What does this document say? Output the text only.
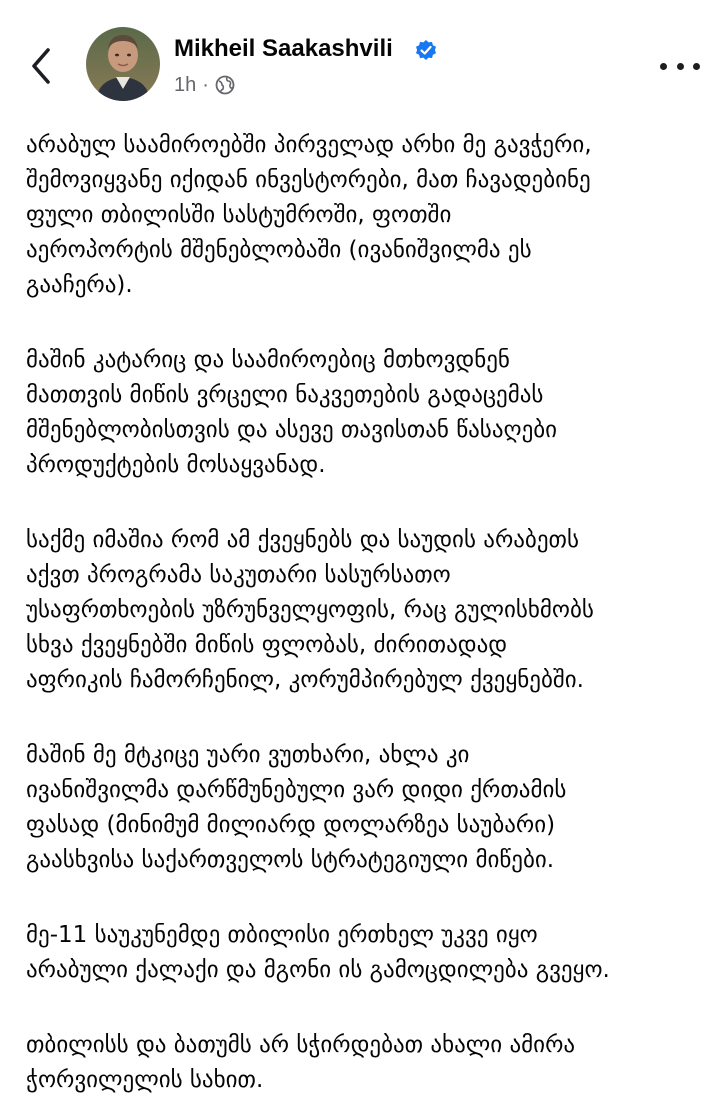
Mikheil Saakashvili
1h ·

არაბულ საამიროებში პირველად არხი მე გავჭერი,
შემოვიყვანე იქიდან ინვესტორები, მათ ჩავადებინე
ფული თბილისში სასტუმროში, ფოთში
აეროპორტის მშენებლობაში (ივანიშვილმა ეს
გააჩერა).

მაშინ კატარიც და საამიროებიც მთხოვდნენ
მათთვის მიწის ვრცელი ნაკვეთების გადაცემას
მშენებლობისთვის და ასევე თავისთან წასაღები
პროდუქტების მოსაყვანად.

საქმე იმაშია რომ ამ ქვეყნებს და საუდის არაბეთს
აქვთ პროგრამა საკუთარი სასურსათო
უსაფრთხოების უზრუნველყოფის, რაც გულისხმობს
სხვა ქვეყნებში მიწის ფლობას, ძირითადად
აფრიკის ჩამორჩენილ, კორუმპირებულ ქვეყნებში.

მაშინ მე მტკიცე უარი ვუთხარი, ახლა კი
ივანიშვილმა დარწმუნებული ვარ დიდი ქრთამის
ფასად (მინიმუმ მილიარდ დოლარზეა საუბარი)
გაასხვისა საქართველოს სტრატეგიული მიწები.

მე-11 საუკუნემდე თბილისი ერთხელ უკვე იყო
არაბული ქალაქი და მგონი ის გამოცდილება გვეყო.

თბილისს და ბათუმს არ სჭირდებათ ახალი ამირა
ჭორვილელის სახით.
